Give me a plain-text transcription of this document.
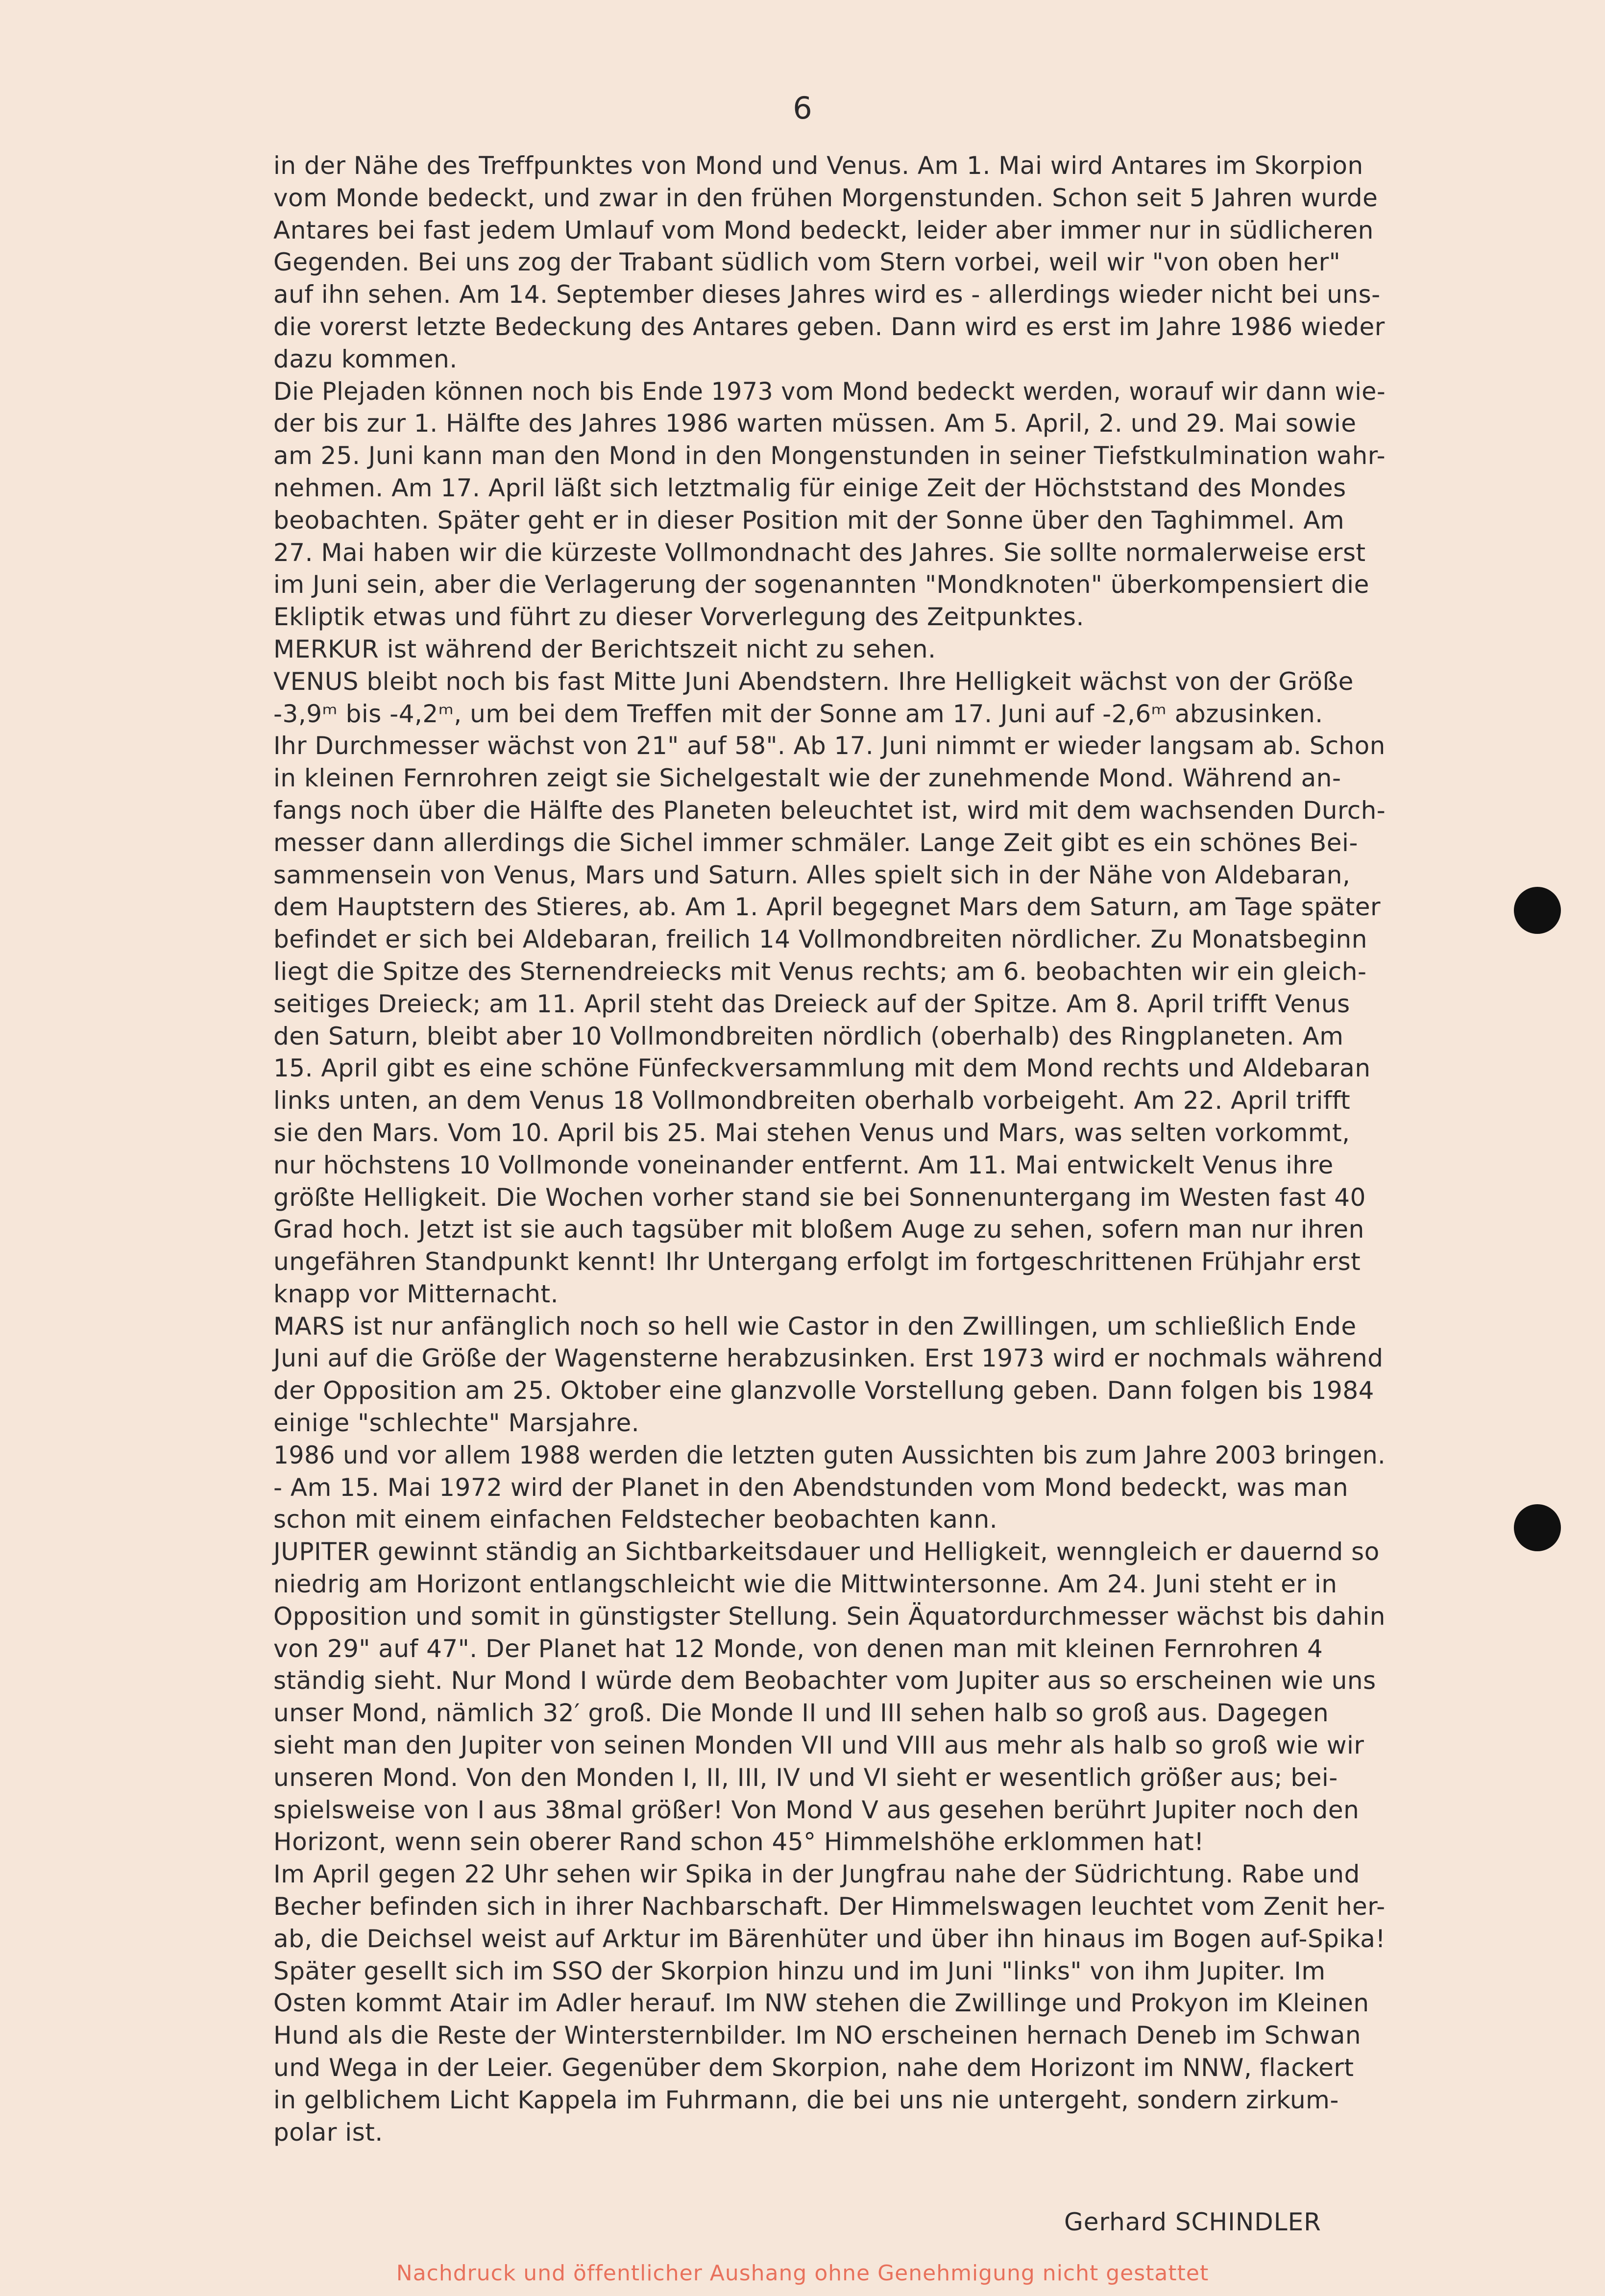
6
in der Nähe des Treffpunktes von Mond und Venus. Am 1. Mai wird Antares im Skorpion
vom Monde bedeckt, und zwar in den frühen Morgenstunden. Schon seit 5 Jahren wurde
Antares bei fast jedem Umlauf vom Mond bedeckt, leider aber immer nur in südlicheren
Gegenden. Bei uns zog der Trabant südlich vom Stern vorbei, weil wir "von oben her"
auf ihn sehen. Am 14. September dieses Jahres wird es - allerdings wieder nicht bei uns-
die vorerst letzte Bedeckung des Antares geben. Dann wird es erst im Jahre 1986 wieder
dazu kommen.
Die Plejaden können noch bis Ende 1973 vom Mond bedeckt werden, worauf wir dann wie-
der bis zur 1. Hälfte des Jahres 1986 warten müssen. Am 5. April, 2. und 29. Mai sowie
am 25. Juni kann man den Mond in den Mongenstunden in seiner Tiefstkulmination wahr-
nehmen. Am 17. April läßt sich letztmalig für einige Zeit der Höchststand des Mondes
beobachten. Später geht er in dieser Position mit der Sonne über den Taghimmel. Am
27. Mai haben wir die kürzeste Vollmondnacht des Jahres. Sie sollte normalerweise erst
im Juni sein, aber die Verlagerung der sogenannten "Mondknoten" überkompensiert die
Ekliptik etwas und führt zu dieser Vorverlegung des Zeitpunktes.
MERKUR ist während der Berichtszeit nicht zu sehen.
VENUS bleibt noch bis fast Mitte Juni Abendstern. Ihre Helligkeit wächst von der Größe
-3,9ᵐ bis -4,2ᵐ, um bei dem Treffen mit der Sonne am 17. Juni auf -2,6ᵐ abzusinken.
Ihr Durchmesser wächst von 21" auf 58". Ab 17. Juni nimmt er wieder langsam ab. Schon
in kleinen Fernrohren zeigt sie Sichelgestalt wie der zunehmende Mond. Während an-
fangs noch über die Hälfte des Planeten beleuchtet ist, wird mit dem wachsenden Durch-
messer dann allerdings die Sichel immer schmäler. Lange Zeit gibt es ein schönes Bei-
sammensein von Venus, Mars und Saturn. Alles spielt sich in der Nähe von Aldebaran,
dem Hauptstern des Stieres, ab. Am 1. April begegnet Mars dem Saturn, am Tage später
befindet er sich bei Aldebaran, freilich 14 Vollmondbreiten nördlicher. Zu Monatsbeginn
liegt die Spitze des Sternendreiecks mit Venus rechts; am 6. beobachten wir ein gleich-
seitiges Dreieck; am 11. April steht das Dreieck auf der Spitze. Am 8. April trifft Venus
den Saturn, bleibt aber 10 Vollmondbreiten nördlich (oberhalb) des Ringplaneten. Am
15. April gibt es eine schöne Fünfeckversammlung mit dem Mond rechts und Aldebaran
links unten, an dem Venus 18 Vollmondbreiten oberhalb vorbeigeht. Am 22. April trifft
sie den Mars. Vom 10. April bis 25. Mai stehen Venus und Mars, was selten vorkommt,
nur höchstens 10 Vollmonde voneinander entfernt. Am 11. Mai entwickelt Venus ihre
größte Helligkeit. Die Wochen vorher stand sie bei Sonnenuntergang im Westen fast 40
Grad hoch. Jetzt ist sie auch tagsüber mit bloßem Auge zu sehen, sofern man nur ihren
ungefähren Standpunkt kennt! Ihr Untergang erfolgt im fortgeschrittenen Frühjahr erst
knapp vor Mitternacht.
MARS ist nur anfänglich noch so hell wie Castor in den Zwillingen, um schließlich Ende
Juni auf die Größe der Wagensterne herabzusinken. Erst 1973 wird er nochmals während
der Opposition am 25. Oktober eine glanzvolle Vorstellung geben. Dann folgen bis 1984
einige "schlechte" Marsjahre.
1986 und vor allem 1988 werden die letzten guten Aussichten bis zum Jahre 2003 bringen.
- Am 15. Mai 1972 wird der Planet in den Abendstunden vom Mond bedeckt, was man
schon mit einem einfachen Feldstecher beobachten kann.
JUPITER gewinnt ständig an Sichtbarkeitsdauer und Helligkeit, wenngleich er dauernd so
niedrig am Horizont entlangschleicht wie die Mittwintersonne. Am 24. Juni steht er in
Opposition und somit in günstigster Stellung. Sein Äquatordurchmesser wächst bis dahin
von 29" auf 47". Der Planet hat 12 Monde, von denen man mit kleinen Fernrohren 4
ständig sieht. Nur Mond I würde dem Beobachter vom Jupiter aus so erscheinen wie uns
unser Mond, nämlich 32′ groß. Die Monde II und III sehen halb so groß aus. Dagegen
sieht man den Jupiter von seinen Monden VII und VIII aus mehr als halb so groß wie wir
unseren Mond. Von den Monden I, II, III, IV und VI sieht er wesentlich größer aus; bei-
spielsweise von I aus 38mal größer! Von Mond V aus gesehen berührt Jupiter noch den
Horizont, wenn sein oberer Rand schon 45° Himmelshöhe erklommen hat!
Im April gegen 22 Uhr sehen wir Spika in der Jungfrau nahe der Südrichtung. Rabe und
Becher befinden sich in ihrer Nachbarschaft. Der Himmelswagen leuchtet vom Zenit her-
ab, die Deichsel weist auf Arktur im Bärenhüter und über ihn hinaus im Bogen auf-Spika!
Später gesellt sich im SSO der Skorpion hinzu und im Juni "links" von ihm Jupiter. Im
Osten kommt Atair im Adler herauf. Im NW stehen die Zwillinge und Prokyon im Kleinen
Hund als die Reste der Wintersternbilder. Im NO erscheinen hernach Deneb im Schwan
und Wega in der Leier. Gegenüber dem Skorpion, nahe dem Horizont im NNW, flackert
in gelblichem Licht Kappela im Fuhrmann, die bei uns nie untergeht, sondern zirkum-
polar ist.
Gerhard SCHINDLER
Nachdruck und öffentlicher Aushang ohne Genehmigung nicht gestattet
